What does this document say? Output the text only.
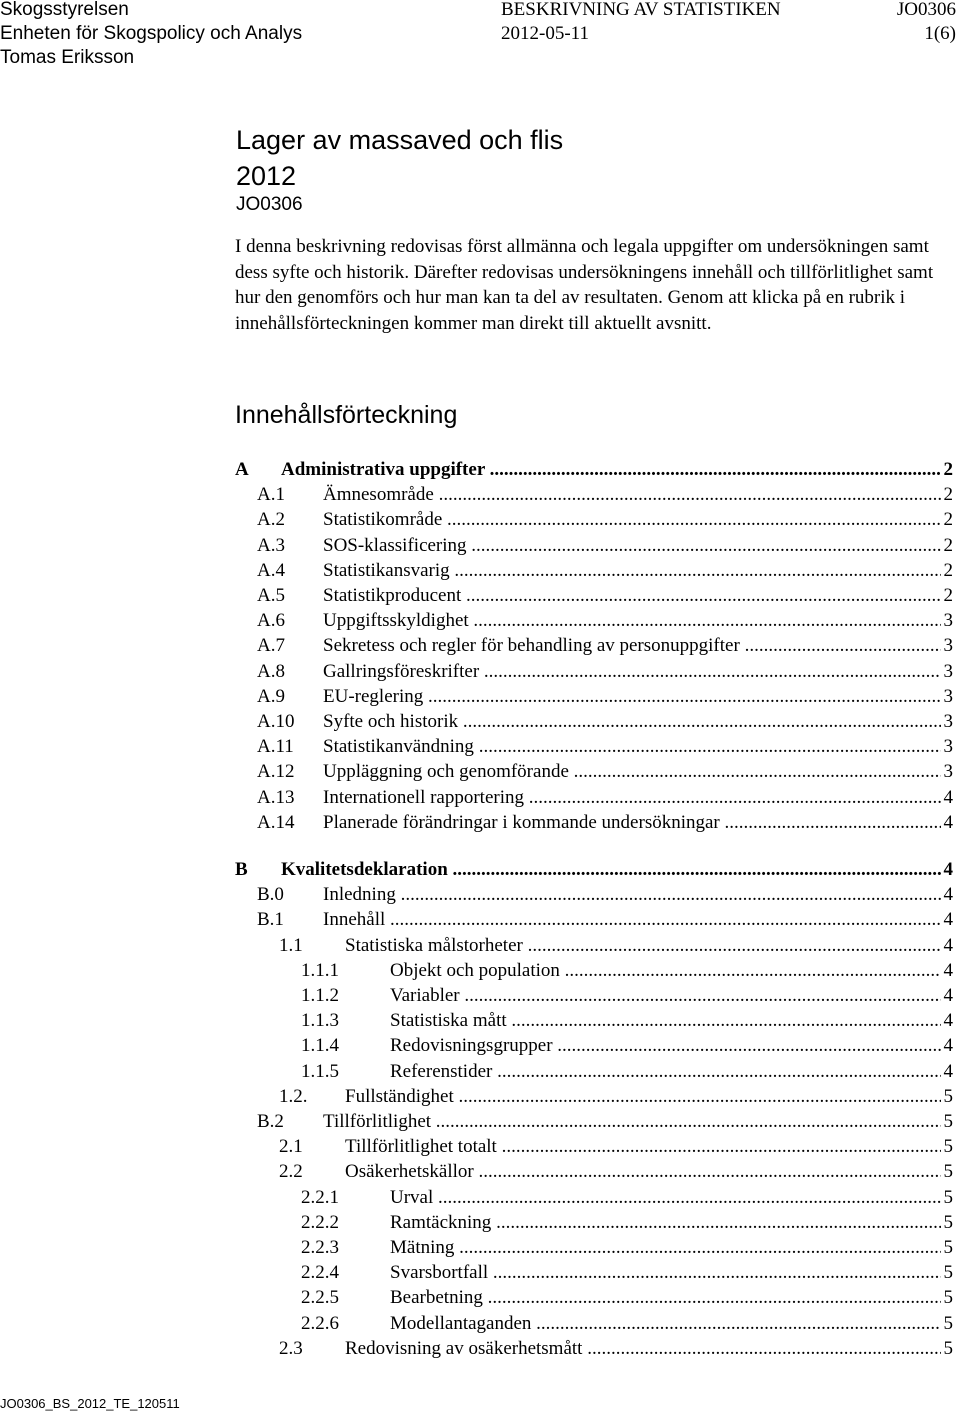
Skogsstyrelsen
Enheten för Skogspolicy och Analys
Tomas Eriksson
BESKRIVNING AV STATISTIKEN
2012-05-11
JO0306
1(6)
Lager av massaved och flis
2012
JO0306

I denna beskrivning redovisas först allmänna och legala uppgifter om undersökningen samt dess syfte och historik. Därefter redovisas undersökningens innehåll och tillförlitlighet samt hur den genomförs och hur man kan ta del av resultaten. Genom att klicka på en rubrik i innehållsförteckningen kommer man direkt till aktuellt avsnitt.

Innehållsförteckning
A Administrativa uppgifter .....	2
A.1 Ämnesområde .....	2
A.2 Statistikområde .....	2
A.3 SOS-klassificering .....	2
A.4 Statistikansvarig .....	2
A.5 Statistikproducent .....	2
A.6 Uppgiftsskyldighet .....	3
A.7 Sekretess och regler för behandling av personuppgifter .....	3
A.8 Gallringsföreskrifter .....	3
A.9 EU-reglering .....	3
A.10 Syfte och historik .....	3
A.11 Statistikanvändning .....	3
A.12 Uppläggning och genomförande .....	3
A.13 Internationell rapportering .....	4
A.14 Planerade förändringar i kommande undersökningar .....	4
B Kvalitetsdeklaration .....	4
B.0 Inledning .....	4
B.1 Innehåll .....	4
1.1 Statistiska målstorheter .....	4
1.1.1	Objekt och population .....	4
1.1.2	Variabler .....	4
1.1.3	Statistiska mått .....	4
1.1.4	Redovisningsgrupper .....	4
1.1.5	Referenstider .....	4
1.2. Fullständighet .....	5
B.2 Tillförlitlighet .....	5
2.1 Tillförlitlighet totalt .....	5
2.2 Osäkerhetskällor .....	5
2.2.1	Urval .....	5
2.2.2	Ramtäckning .....	5
2.2.3	Mätning .....	5
2.2.4	Svarsbortfall .....	5
2.2.5	Bearbetning .....	5
2.2.6	Modellantaganden .....	5
2.3 Redovisning av osäkerhetsmått .....	5
JO0306_BS_2012_TE_120511
